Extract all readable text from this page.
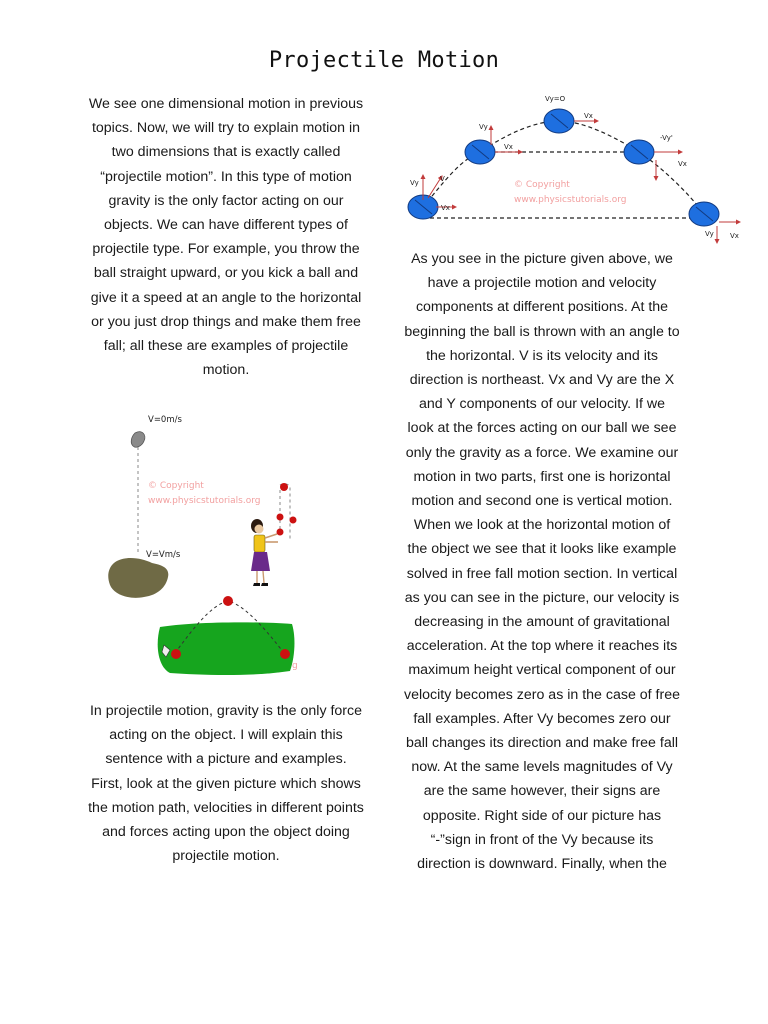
Projectile Motion
We see one dimensional motion in previous topics. Now, we will try to explain motion in two dimensions that is exactly called “projectile motion”. In this type of motion gravity is the only factor acting on our objects. We can have different types of projectile type. For example, you throw the ball straight upward, or you kick a ball and give it a speed at an angle to the horizontal or you just drop things and make them free fall; all these are examples of projectile motion.
V=0m/s
V=Vm/s
© Copyright
www.physicstutorials.org
g
In projectile motion, gravity is the only force acting on the object. I will explain this sentence with a picture and examples. First, look at the given picture which shows the motion path, velocities in different points and forces acting upon the object doing projectile motion.
© Copyright
www.physicstutorials.org
Vy=O
Vx
Vy
Vx
-Vy'
Vx
Vy	V
Vx
Vy Vx
As you see in the picture given above, we have a projectile motion and velocity components at different positions. At the beginning the ball is thrown with an angle to the horizontal. V is its velocity and its direction is northeast. Vx and Vy are the X and Y components of our velocity. If we look at the forces acting on our ball we see only the gravity as a force. We examine our motion in two parts, first one is horizontal motion and second one is vertical motion. When we look at the horizontal motion of the object we see that it looks like example solved in free fall motion section. In vertical as you can see in the picture, our velocity is decreasing in the amount of gravitational acceleration. At the top where it reaches its maximum height vertical component of our velocity becomes zero as in the case of free fall examples. After Vy becomes zero our ball changes its direction and make free fall now. At the same levels magnitudes of Vy are the same however, their signs are opposite. Right side of our picture has “-”sign in front of the Vy because its direction is downward. Finally, when the
